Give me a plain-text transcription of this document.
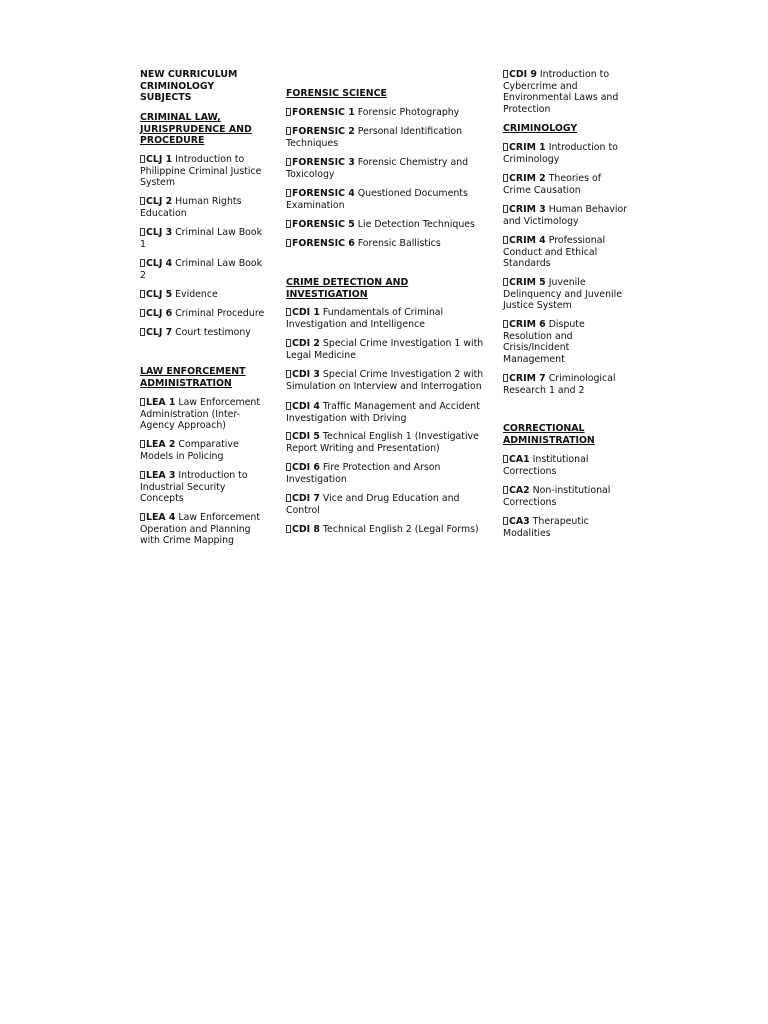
NEW CURRICULUM
CRIMINOLOGY
SUBJECTS
CRIMINAL LAW,
JURISPRUDENCE AND
PROCEDURE

CLJ 1 Introduction to Philippine Criminal Justice System

CLJ 2 Human Rights Education

CLJ 3 Criminal Law Book 1

CLJ 4 Criminal Law Book 2

CLJ 5 Evidence

CLJ 6 Criminal Procedure

CLJ 7 Court testimony

LAW ENFORCEMENT
ADMINISTRATION

LEA 1 Law Enforcement Administration (Inter-Agency Approach)

LEA 2 Comparative Models in Policing

LEA 3 Introduction to Industrial Security Concepts

LEA 4 Law Enforcement Operation and Planning with Crime Mapping

FORENSIC SCIENCE

FORENSIC 1 Forensic Photography

FORENSIC 2 Personal Identification Techniques

FORENSIC 3 Forensic Chemistry and Toxicology

FORENSIC 4 Questioned Documents Examination

FORENSIC 5 Lie Detection Techniques

FORENSIC 6 Forensic Ballistics

CRIME DETECTION AND
INVESTIGATION

CDI 1 Fundamentals of Criminal Investigation and Intelligence

CDI 2 Special Crime Investigation 1 with Legal Medicine

CDI 3 Special Crime Investigation 2 with Simulation on Interview and Interrogation

CDI 4 Traffic Management and Accident Investigation with Driving

CDI 5 Technical English 1 (Investigative Report Writing and Presentation)

CDI 6 Fire Protection and Arson Investigation

CDI 7 Vice and Drug Education and Control

CDI 8 Technical English 2 (Legal Forms)

CDI 9 Introduction to Cybercrime and Environmental Laws and Protection

CRIMINOLOGY

CRIM 1 Introduction to Criminology

CRIM 2 Theories of Crime Causation

CRIM 3 Human Behavior and Victimology

CRIM 4 Professional Conduct and Ethical Standards

CRIM 5 Juvenile Delinquency and Juvenile Justice System

CRIM 6 Dispute Resolution and Crisis/Incident Management

CRIM 7 Criminological Research 1 and 2

CORRECTIONAL
ADMINISTRATION

CA1 Institutional Corrections

CA2 Non-institutional Corrections

CA3 Therapeutic Modalities
